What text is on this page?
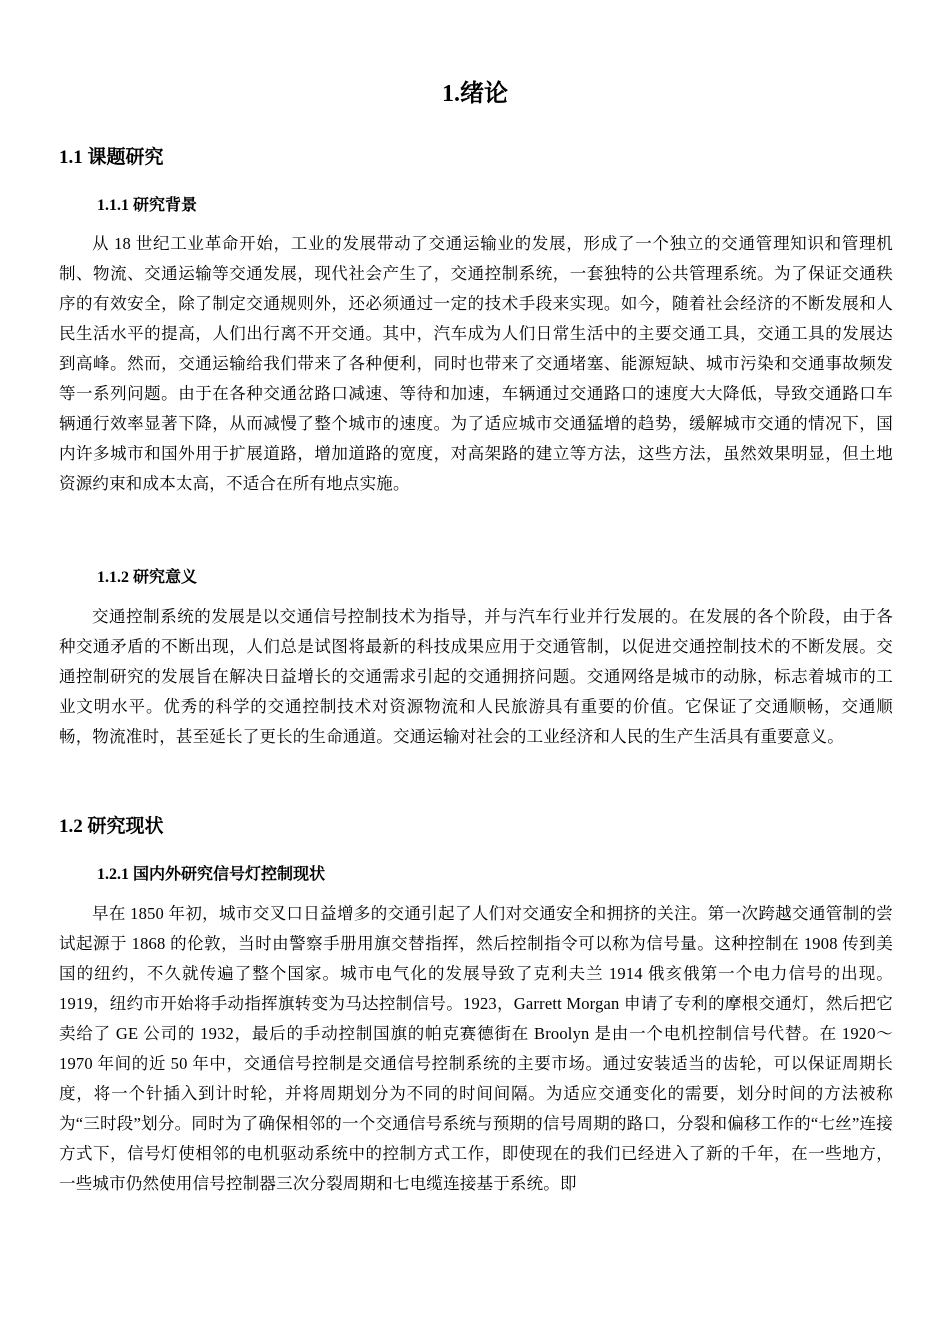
1.绪论
1.1 课题研究
1.1.1 研究背景

从 18 世纪工业革命开始，工业的发展带动了交通运输业的发展，形成了一个独立的交通管理知识和管理机制、物流、交通运输等交通发展，现代社会产生了，交通控制系统，一套独特的公共管理系统。为了保证交通秩序的有效安全，除了制定交通规则外，还必须通过一定的技术手段来实现。如今，随着社会经济的不断发展和人民生活水平的提高，人们出行离不开交通。其中，汽车成为人们日常生活中的主要交通工具，交通工具的发展达到高峰。然而，交通运输给我们带来了各种便利，同时也带来了交通堵塞、能源短缺、城市污染和交通事故频发等一系列问题。由于在各种交通岔路口减速、等待和加速，车辆通过交通路口的速度大大降低，导致交通路口车辆通行效率显著下降，从而减慢了整个城市的速度。为了适应城市交通猛增的趋势，缓解城市交通的情况下，国内许多城市和国外用于扩展道路，增加道路的宽度，对高架路的建立等方法，这些方法，虽然效果明显，但土地资源约束和成本太高，不适合在所有地点实施。

1.1.2 研究意义

交通控制系统的发展是以交通信号控制技术为指导，并与汽车行业并行发展的。在发展的各个阶段，由于各种交通矛盾的不断出现，人们总是试图将最新的科技成果应用于交通管制，以促进交通控制技术的不断发展。交通控制研究的发展旨在解决日益增长的交通需求引起的交通拥挤问题。交通网络是城市的动脉，标志着城市的工业文明水平。优秀的科学的交通控制技术对资源物流和人民旅游具有重要的价值。它保证了交通顺畅，交通顺畅，物流准时，甚至延长了更长的生命通道。交通运输对社会的工业经济和人民的生产生活具有重要意义。

1.2 研究现状
1.2.1 国内外研究信号灯控制现状

早在 1850 年初，城市交叉口日益增多的交通引起了人们对交通安全和拥挤的关注。第一次跨越交通管制的尝试起源于 1868 的伦敦，当时由警察手册用旗交替指挥，然后控制指令可以称为信号量。这种控制在 1908 传到美国的纽约，不久就传遍了整个国家。城市电气化的发展导致了克利夫兰 1914 俄亥俄第一个电力信号的出现。1919，纽约市开始将手动指挥旗转变为马达控制信号。1923，Garrett Morgan 申请了专利的摩根交通灯，然后把它卖给了 GE 公司的 1932，最后的手动控制国旗的帕克赛德街在 Broolyn 是由一个电机控制信号代替。在 1920～1970 年间的近 50 年中，交通信号控制是交通信号控制系统的主要市场。通过安装适当的齿轮，可以保证周期长度，将一个针插入到计时轮，并将周期划分为不同的时间间隔。为适应交通变化的需要，划分时间的方法被称为“三时段”划分。同时为了确保相邻的一个交通信号系统与预期的信号周期的路口，分裂和偏移工作的“七丝”连接方式下，信号灯使相邻的电机驱动系统中的控制方式工作，即使现在的我们已经进入了新的千年，在一些地方，一些城市仍然使用信号控制器三次分裂周期和七电缆连接基于系统。即
